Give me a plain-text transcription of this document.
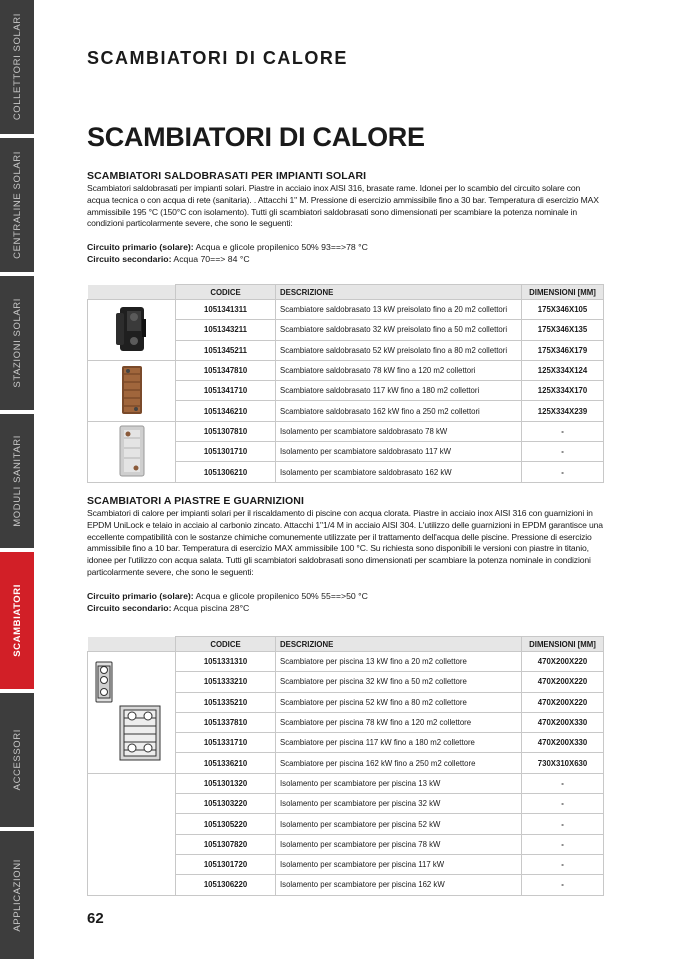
COLLETTORI SOLARI
CENTRALINE SOLARI
STAZIONI SOLARI
MODULI SANITARI
SCAMBIATORI
ACCESSORI
APPLICAZIONI
SCAMBIATORI DI CALORE
SCAMBIATORI DI CALORE
SCAMBIATORI SALDOBRASATI PER IMPIANTI SOLARI
Scambiatori saldobrasati per impianti solari. Piastre in acciaio inox AISI 316, brasate rame. Idonei per lo scambio del circuito solare con acqua tecnica o con acqua di rete (sanitaria). . Attacchi 1" M. Pressione di esercizio ammissibile fino a 30 bar. Temperatura di esercizio MAX ammissibile 195 °C (150°C con isolamento). Tutti gli scambiatori saldobrasati sono dimensionati per scambiare la potenza nominale in condizioni particolarmente severe, che sono le seguenti:
Circuito primario (solare): Acqua e glicole propilenico 50% 93==>78 °C
Circuito secondario: Acqua 70==> 84 °C
	CODICE	DESCRIZIONE	DIMENSIONI [MM]
	1051341311	Scambiatore saldobrasato 13 kW preisolato fino a 20 m2 collettori	175X346X105
	1051343211	Scambiatore saldobrasato 32 kW preisolato fino a 50 m2 collettori	175X346X135
	1051345211	Scambiatore saldobrasato 52 kW preisolato fino a 80 m2 collettori	175X346X179
	1051347810	Scambiatore saldobrasato 78 kW fino a 120 m2 collettori	125X334X124
	1051341710	Scambiatore saldobrasato 117 kW fino a 180 m2 collettori	125X334X170
	1051346210	Scambiatore saldobrasato 162 kW fino a 250 m2 collettori	125X334X239
	1051307810	Isolamento per scambiatore saldobrasato 78 kW	-
	1051301710	Isolamento per scambiatore saldobrasato 117 kW	-
	1051306210	Isolamento per scambiatore saldobrasato 162 kW	-
SCAMBIATORI A PIASTRE E GUARNIZIONI
Scambiatori di calore per impianti solari per il riscaldamento di piscine con acqua clorata. Piastre in acciaio inox AISI 316 con guarnizioni in EPDM UniLock e telaio in acciaio al carbonio zincato. Attacchi 1"1/4 M in acciaio AISI 304. L'utilizzo delle guarnizioni in EPDM garantisce una eccellente compatibilità con le sostanze chimiche comunemente utilizzate per il trattamento dell'acqua delle piscine. Pressione di esercizio ammissibile fino a 10 bar. Temperatura di esercizio MAX ammissibile 100 °C. Su richiesta sono disponibili le versioni con piastre in titanio, idonee per l'utilizzo con acqua salata. Tutti gli scambiatori saldobrasati sono dimensionati per scambiare la potenza nominale in condizioni particolarmente severe, che sono le seguenti:
Circuito primario (solare): Acqua e glicole propilenico 50% 55==>50 °C
Circuito secondario: Acqua piscina 28°C
	CODICE	DESCRIZIONE	DIMENSIONI [MM]
	1051331310	Scambiatore per piscina 13 kW fino a 20 m2 collettore	470X200X220
	1051333210	Scambiatore per piscina 32 kW fino a 50 m2 collettore	470X200X220
	1051335210	Scambiatore per piscina 52 kW fino a 80 m2 collettore	470X200X220
	1051337810	Scambiatore per piscina 78 kW fino a 120 m2 collettore	470X200X330
	1051331710	Scambiatore per piscina 117 kW fino a 180 m2 collettore	470X200X330
	1051336210	Scambiatore per piscina 162 kW fino a 250 m2 collettore	730X310X630
	1051301320	Isolamento per scambiatore per piscina 13 kW	-
	1051303220	Isolamento per scambiatore per piscina 32 kW	-
	1051305220	Isolamento per scambiatore per piscina 52 kW	-
	1051307820	Isolamento per scambiatore per piscina 78 kW	-
	1051301720	Isolamento per scambiatore per piscina 117 kW	-
	1051306220	Isolamento per scambiatore per piscina 162 kW	-
62
